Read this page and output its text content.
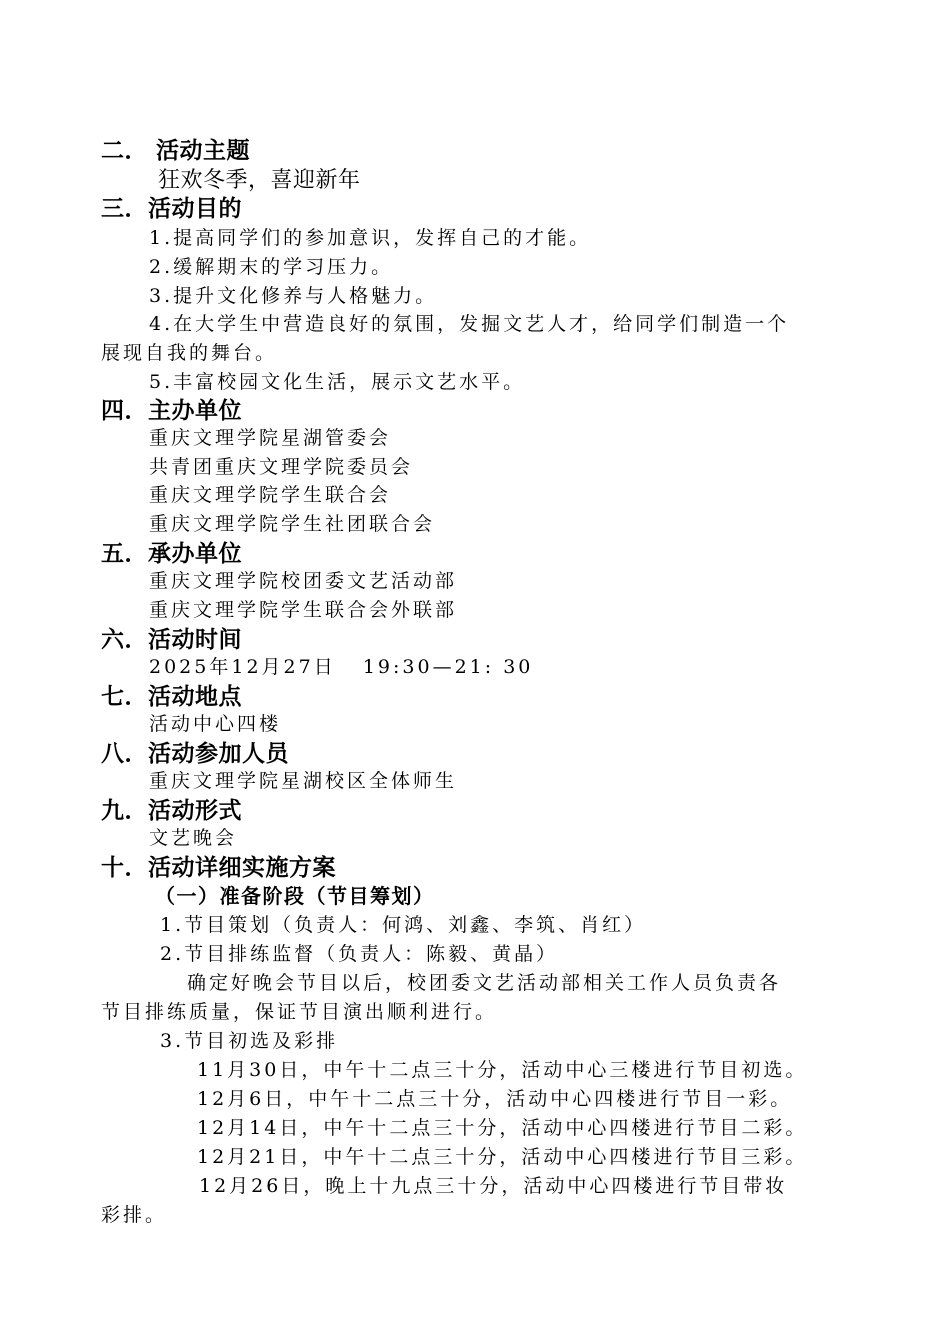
二． 活动主题
狂欢冬季，喜迎新年
三．活动目的
1.提高同学们的参加意识，发挥自己的才能。
2.缓解期末的学习压力。
3.提升文化修养与人格魅力。
4.在大学生中营造良好的氛围，发掘文艺人才，给同学们制造一个
展现自我的舞台。
5.丰富校园文化生活，展示文艺水平。
四．主办单位
重庆文理学院星湖管委会
共青团重庆文理学院委员会
重庆文理学院学生联合会
重庆文理学院学生社团联合会
五．承办单位
重庆文理学院校团委文艺活动部
重庆文理学院学生联合会外联部
六．活动时间
2025年12月27日   19:30—21: 30
七．活动地点
活动中心四楼
八．活动参加人员
重庆文理学院星湖校区全体师生
九．活动形式
文艺晚会
十．活动详细实施方案
（一）准备阶段（节目筹划）
1.节目策划（负责人：何鸿、刘鑫、李筑、肖红）
2.节目排练监督（负责人：陈毅、黄晶）
确定好晚会节目以后，校团委文艺活动部相关工作人员负责各
节目排练质量，保证节目演出顺利进行。
3.节目初选及彩排
11月30日，中午十二点三十分，活动中心三楼进行节目初选。
12月6日，中午十二点三十分，活动中心四楼进行节目一彩。
12月14日，中午十二点三十分，活动中心四楼进行节目二彩。
12月21日，中午十二点三十分，活动中心四楼进行节目三彩。
12月26日，晚上十九点三十分，活动中心四楼进行节目带妆
彩排。
